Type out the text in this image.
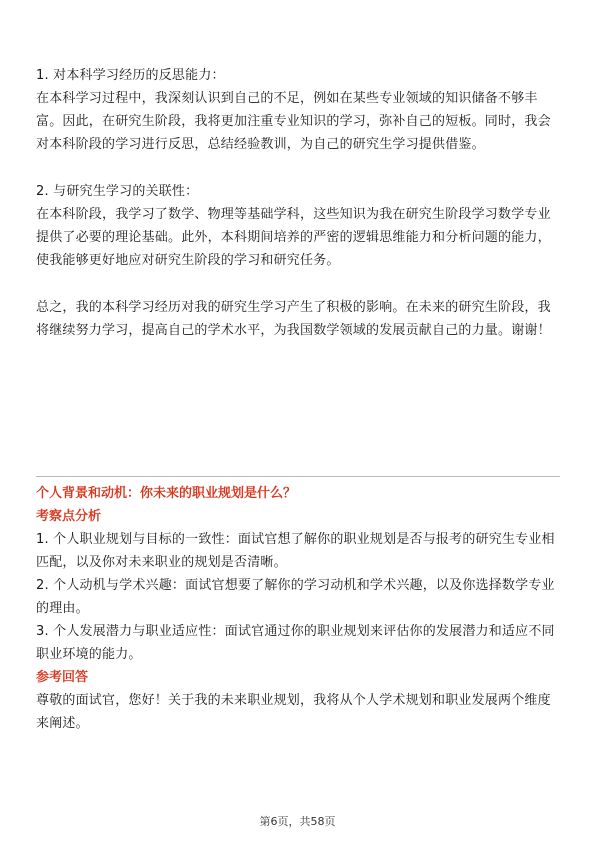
1. 对本科学习经历的反思能力：

在本科学习过程中，我深刻认识到自己的不足，例如在某些专业领域的知识储备不够丰富。因此，在研究生阶段，我将更加注重专业知识的学习，弥补自己的短板。同时，我会对本科阶段的学习进行反思，总结经验教训，为自己的研究生学习提供借鉴。

2. 与研究生学习的关联性：

在本科阶段，我学习了数学、物理等基础学科，这些知识为我在研究生阶段学习数学专业提供了必要的理论基础。此外，本科期间培养的严密的逻辑思维能力和分析问题的能力，使我能够更好地应对研究生阶段的学习和研究任务。

总之，我的本科学习经历对我的研究生学习产生了积极的影响。在未来的研究生阶段，我将继续努力学习，提高自己的学术水平，为我国数学领域的发展贡献自己的力量。谢谢！

个人背景和动机：你未来的职业规划是什么？

考察点分析

1. 个人职业规划与目标的一致性：面试官想了解你的职业规划是否与报考的研究生专业相匹配，以及你对未来职业的规划是否清晰。

2. 个人动机与学术兴趣：面试官想要了解你的学习动机和学术兴趣，以及你选择数学专业的理由。

3. 个人发展潜力与职业适应性：面试官通过你的职业规划来评估你的发展潜力和适应不同职业环境的能力。

参考回答

尊敬的面试官，您好！关于我的未来职业规划，我将从个人学术规划和职业发展两个维度来阐述。

第6页，共58页
